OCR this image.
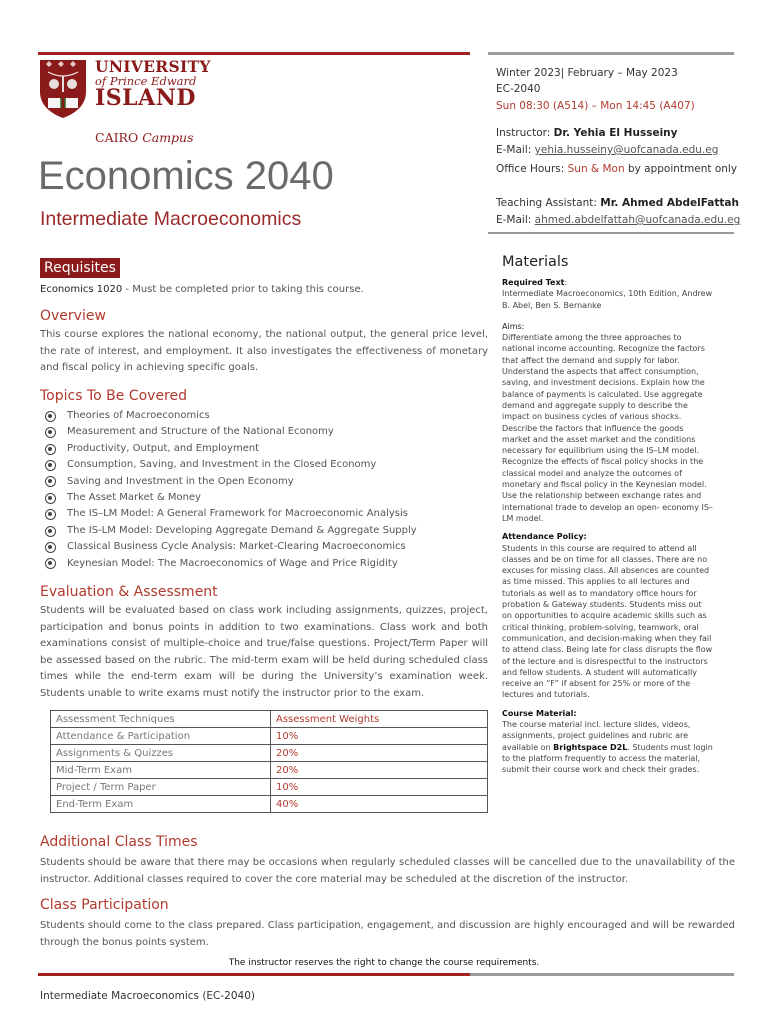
UNIVERSITY
of Prince Edward
ISLAND
CAIRO Campus
Economics 2040
Intermediate Macroeconomics
Winter 2023| February – May 2023
EC-2040
Sun 08:30 (A514) – Mon 14:45 (A407)
Instructor: Dr. Yehia El Husseiny
E-Mail: yehia.husseiny@uofcanada.edu.eg
Office Hours: Sun & Mon by appointment only
Teaching Assistant: Mr. Ahmed AbdelFattah
E-Mail: ahmed.abdelfattah@uofcanada.edu.eg
Requisites
Economics 1020 - Must be completed prior to taking this course.
Overview
This course explores the national economy, the national output, the general price level, the rate of interest, and employment. It also investigates the effectiveness of monetary and fiscal policy in achieving specific goals.
Topics To Be Covered
Theories of Macroeconomics
Measurement and Structure of the National Economy
Productivity, Output, and Employment
Consumption, Saving, and Investment in the Closed Economy
Saving and Investment in the Open Economy
The Asset Market & Money
The IS–LM Model: A General Framework for Macroeconomic Analysis
The IS-LM Model: Developing Aggregate Demand & Aggregate Supply
Classical Business Cycle Analysis: Market-Clearing Macroeconomics
Keynesian Model: The Macroeconomics of Wage and Price Rigidity
Evaluation & Assessment
Students will be evaluated based on class work including assignments, quizzes, project, participation and bonus points in addition to two examinations. Class work and both examinations consist of multiple-choice and true/false questions. Project/Term Paper will be assessed based on the rubric. The mid-term exam will be held during scheduled class times while the end-term exam will be during the University’s examination week. Students unable to write exams must notify the instructor prior to the exam.
Assessment Techniques	Assessment Weights
Attendance & Participation	10%
Assignments & Quizzes	20%
Mid-Term Exam	20%
Project / Term Paper	10%
End-Term Exam	40%
Additional Class Times
Students should be aware that there may be occasions when regularly scheduled classes will be cancelled due to the unavailability of the instructor. Additional classes required to cover the core material may be scheduled at the discretion of the instructor.
Class Participation
Students should come to the class prepared. Class participation, engagement, and discussion are highly encouraged and will be rewarded through the bonus points system.
Materials
Required Text:
Intermediate Macroeconomics, 10th Edition, Andrew B. Abel, Ben S. Bernanke
Aims:
Differentiate among the three approaches to national income accounting. Recognize the factors that affect the demand and supply for labor. Understand the aspects that affect consumption, saving, and investment decisions. Explain how the balance of payments is calculated. Use aggregate demand and aggregate supply to describe the impact on business cycles of various shocks. Describe the factors that influence the goods market and the asset market and the conditions necessary for equilibrium using the IS–LM model. Recognize the effects of fiscal policy shocks in the classical model and analyze the outcomes of monetary and fiscal policy in the Keynesian model. Use the relationship between exchange rates and international trade to develop an open- economy IS–LM model.
Attendance Policy:
Students in this course are required to attend all classes and be on time for all classes. There are no excuses for missing class. All absences are counted as time missed. This applies to all lectures and tutorials as well as to mandatory office hours for probation & Gateway students. Students miss out on opportunities to acquire academic skills such as critical thinking, problem-solving, teamwork, oral communication, and decision-making when they fail to attend class. Being late for class disrupts the flow of the lecture and is disrespectful to the instructors and fellow students. A student will automatically receive an “F” if absent for 25% or more of the lectures and tutorials.
Course Material:
The course material incl. lecture slides, videos, assignments, project guidelines and rubric are available on Brightspace D2L. Students must login to the platform frequently to access the material, submit their course work and check their grades.
The instructor reserves the right to change the course requirements.
Intermediate Macroeconomics (EC-2040)
